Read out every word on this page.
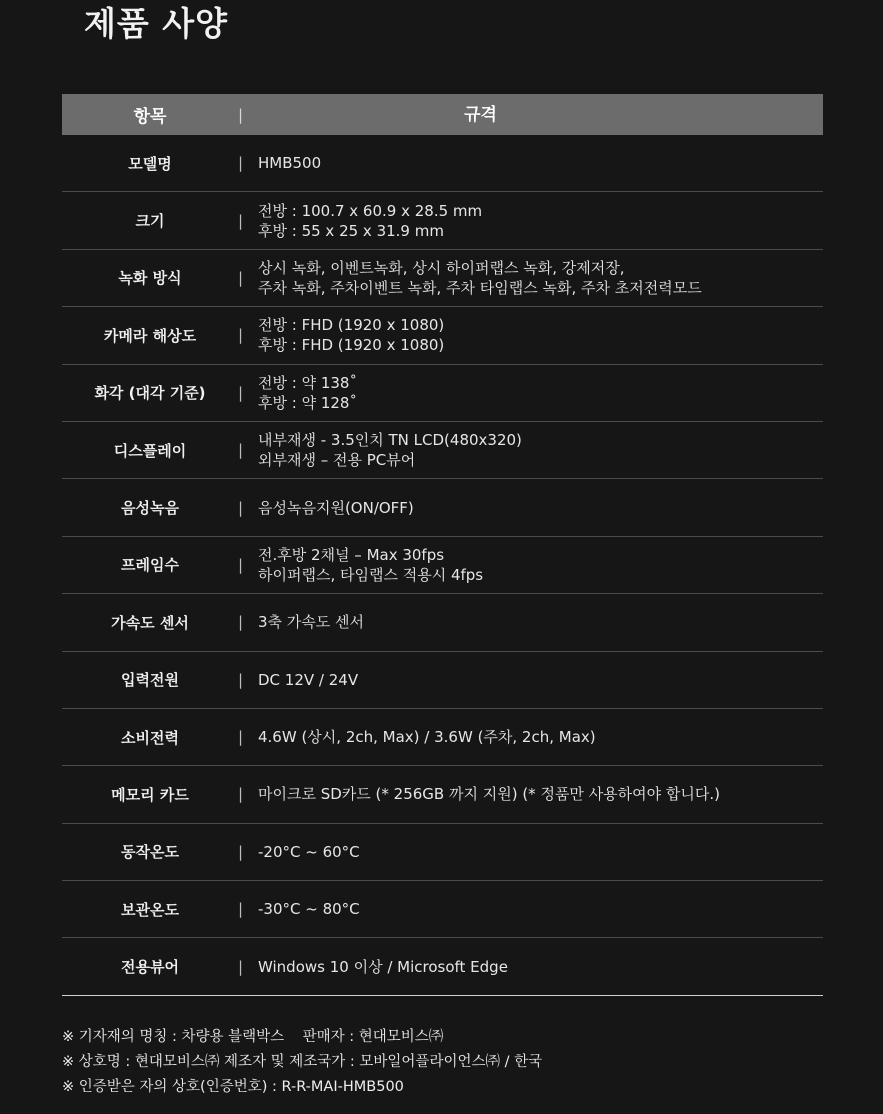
제품 사양
항목	|	규격
모델명	| HMB500
크기	|
전방 : 100.7 x 60.9 x 28.5 mm
후방 : 55 x 25 x 31.9 mm
녹화 방식	|
상시 녹화, 이벤트녹화, 상시 하이퍼랩스 녹화, 강제저장,
주차 녹화, 주차이벤트 녹화, 주차 타임랩스 녹화, 주차 초저전력모드
카메라 해상도	|
전방 : FHD (1920 x 1080)
후방 : FHD (1920 x 1080)
화각 (대각 기준)	|
전방 : 약 138˚
후방 : 약 128˚
디스플레이	|
내부재생 - 3.5인치 TN LCD(480x320)
외부재생 – 전용 PC뷰어
음성녹음	| 음성녹음지원(ON/OFF)
프레임수	|
전.후방 2채널 – Max 30fps
하이퍼랩스, 타임랩스 적용시 4fps
가속도 센서	| 3축 가속도 센서
입력전원	| DC 12V / 24V
소비전력	| 4.6W (상시, 2ch, Max) / 3.6W (주차, 2ch, Max)
메모리 카드	| 마이크로 SD카드 (* 256GB 까지 지원) (* 정품만 사용하여야 합니다.)
동작온도	| -20°C ~ 60°C
보관온도	| -30°C ~ 80°C
전용뷰어	| Windows 10 이상 / Microsoft Edge
※ 기자재의 명칭 : 차량용 블랙박스    판매자 : 현대모비스㈜
※ 상호명 : 현대모비스㈜ 제조자 및 제조국가 : 모바일어플라이언스㈜ / 한국
※ 인증받은 자의 상호(인증번호) : R-R-MAI-HMB500
